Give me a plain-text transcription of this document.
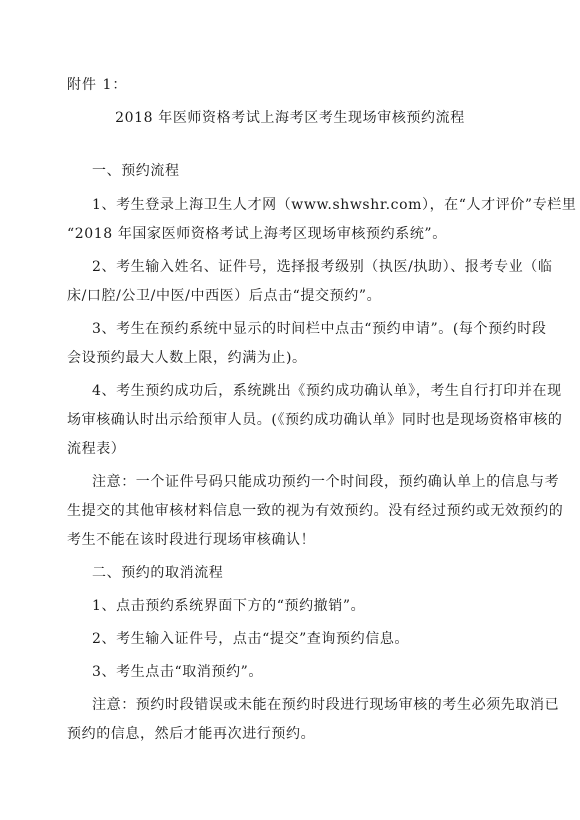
附件 1：
2018 年医师资格考试上海考区考生现场审核预约流程
一、预约流程
1、考生登录上海卫生人才网（www.shwshr.com），在“人才评价”专栏里
“2018 年国家医师资格考试上海考区现场审核预约系统”。
2、考生输入姓名、证件号，选择报考级别（执医/执助）、报考专业（临
床/口腔/公卫/中医/中西医）后点击“提交预约”。
3、考生在预约系统中显示的时间栏中点击“预约申请”。(每个预约时段
会设预约最大人数上限，约满为止)。
4、考生预约成功后，系统跳出《预约成功确认单》，考生自行打印并在现
场审核确认时出示给预审人员。(《预约成功确认单》同时也是现场资格审核的
流程表）
注意：一个证件号码只能成功预约一个时间段，预约确认单上的信息与考
生提交的其他审核材料信息一致的视为有效预约。没有经过预约或无效预约的
考生不能在该时段进行现场审核确认！
二、预约的取消流程
1、点击预约系统界面下方的“预约撤销”。
2、考生输入证件号，点击“提交”查询预约信息。
3、考生点击“取消预约”。
注意：预约时段错误或未能在预约时段进行现场审核的考生必须先取消已
预约的信息，然后才能再次进行预约。
